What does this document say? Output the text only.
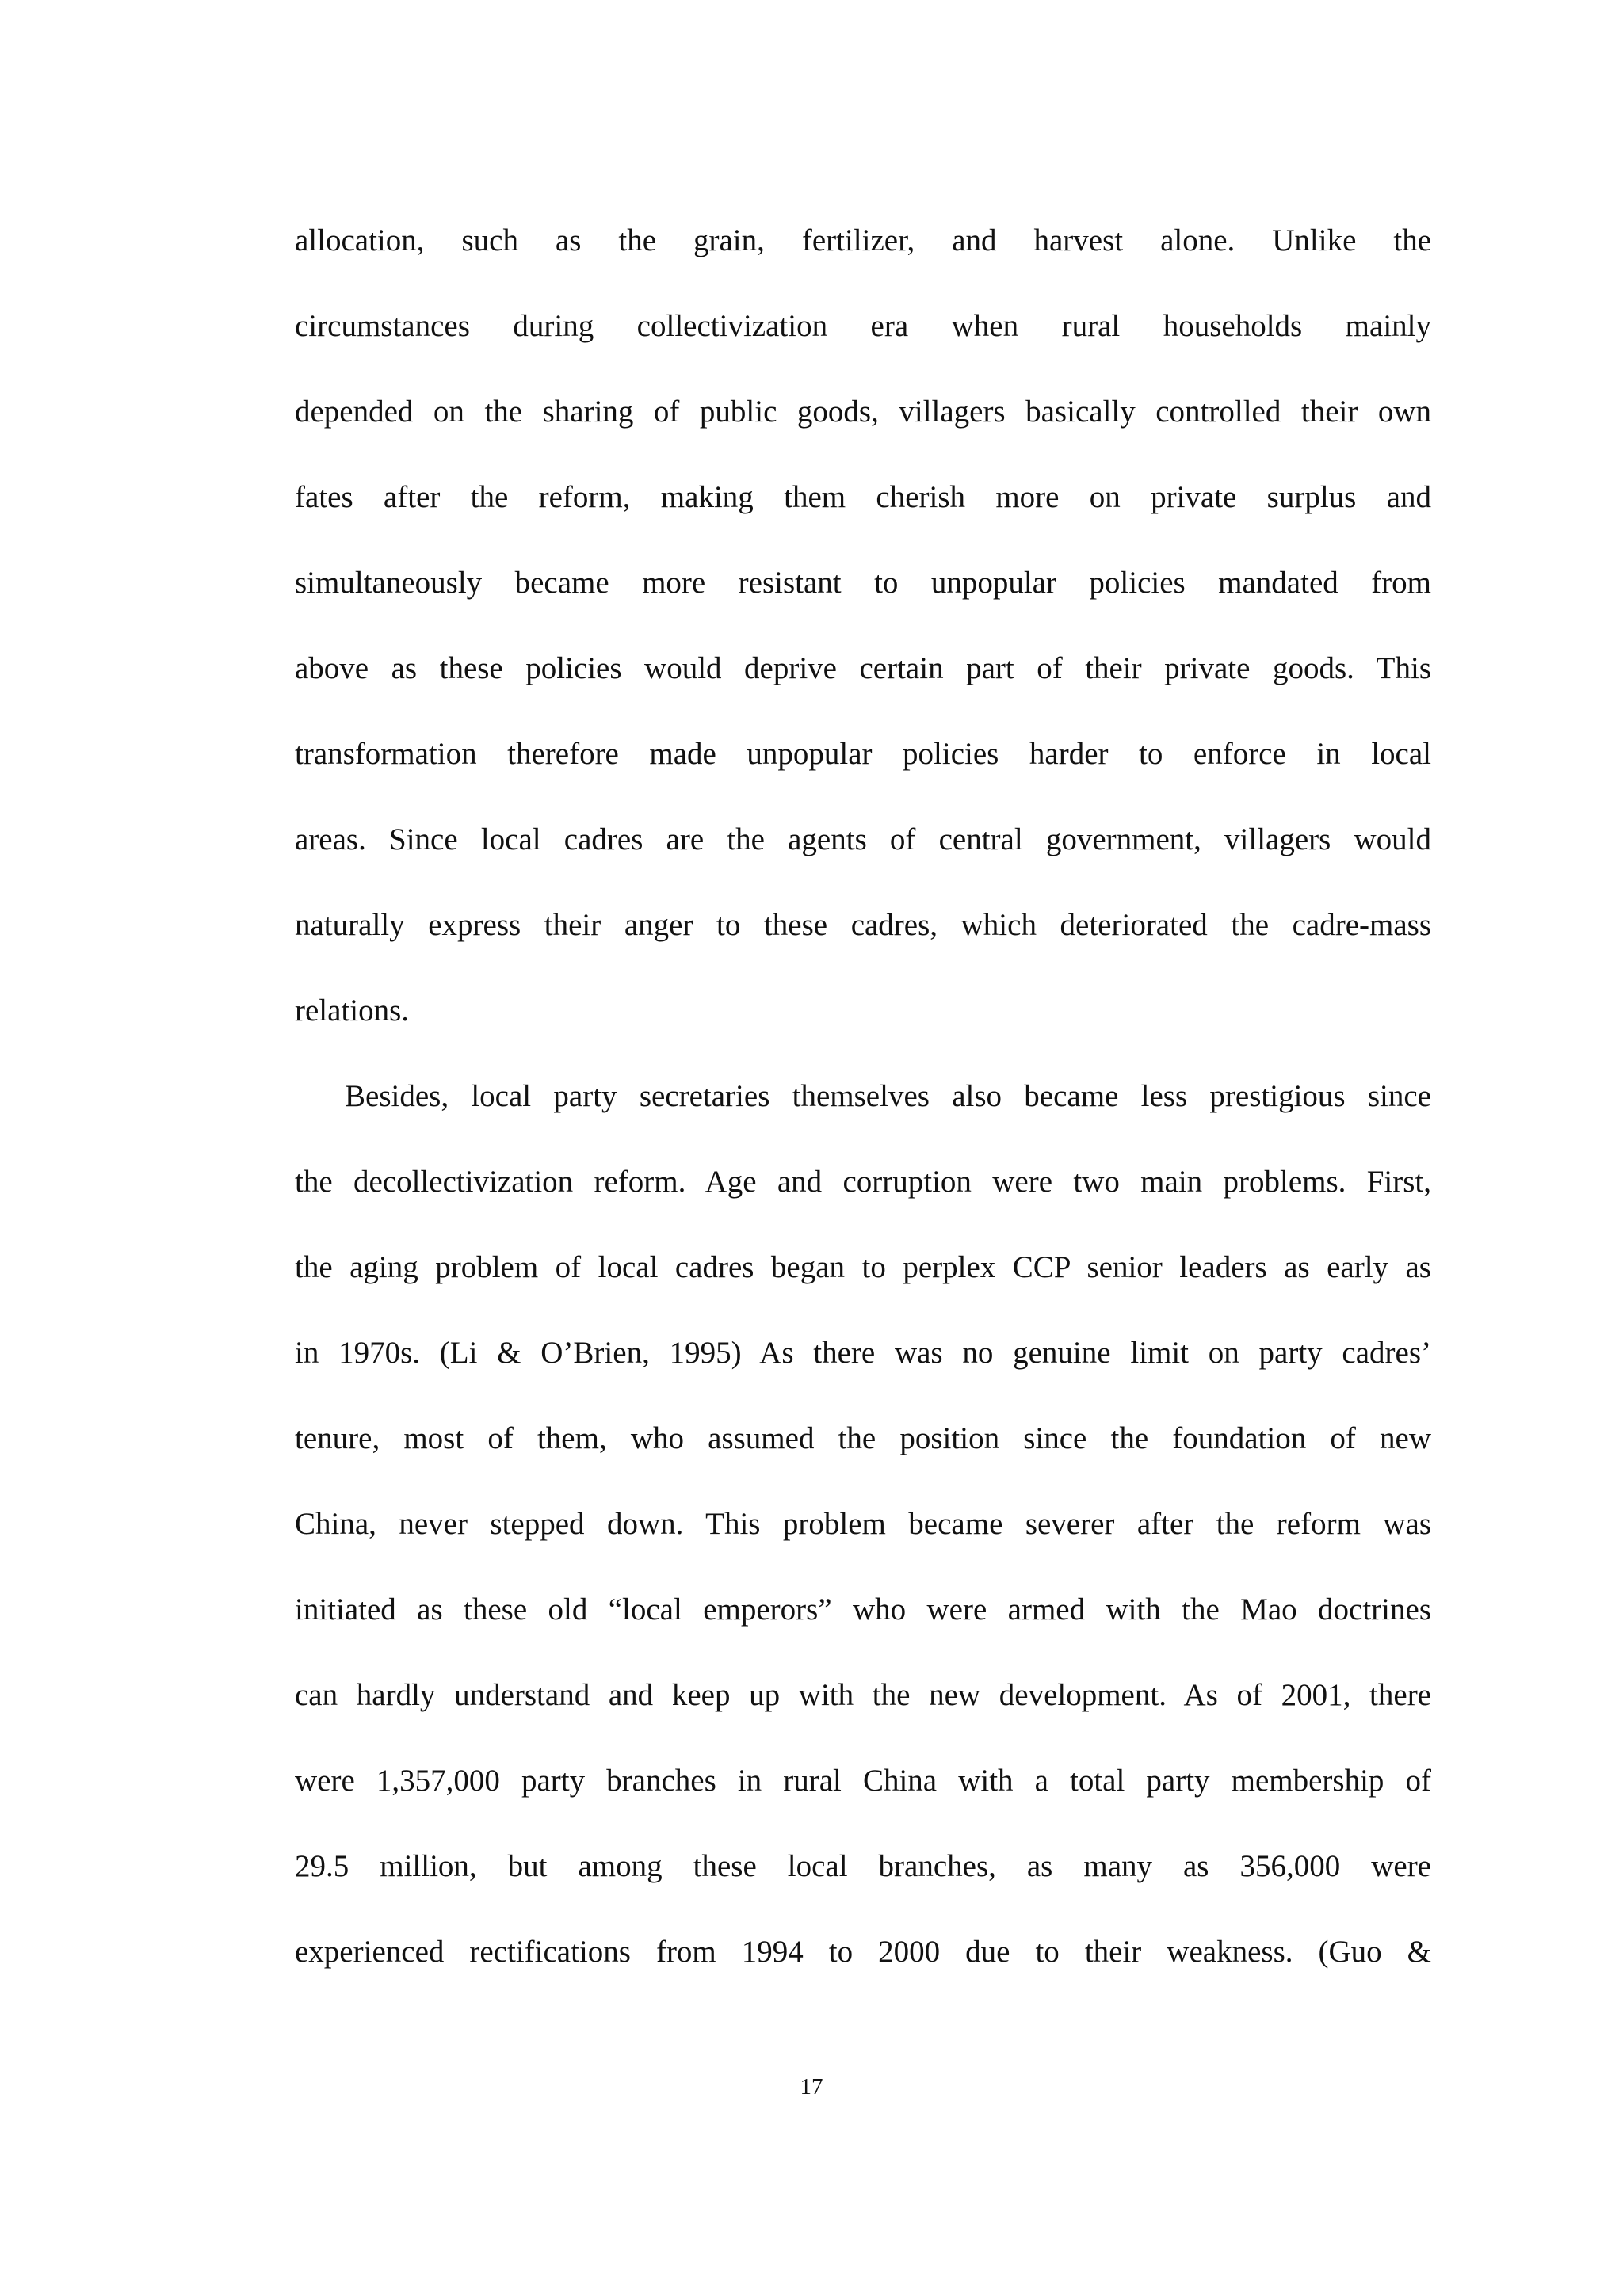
allocation, such as the grain, fertilizer, and harvest alone. Unlike the
circumstances during collectivization era when rural households mainly
depended on the sharing of public goods, villagers basically controlled their own
fates after the reform, making them cherish more on private surplus and
simultaneously became more resistant to unpopular policies mandated from
above as these policies would deprive certain part of their private goods. This
transformation therefore made unpopular policies harder to enforce in local
areas. Since local cadres are the agents of central government, villagers would
naturally express their anger to these cadres, which deteriorated the cadre-mass
relations.
Besides, local party secretaries themselves also became less prestigious since
the decollectivization reform. Age and corruption were two main problems. First,
the aging problem of local cadres began to perplex CCP senior leaders as early as
in 1970s. (Li & O’Brien, 1995) As there was no genuine limit on party cadres’
tenure, most of them, who assumed the position since the foundation of new
China, never stepped down. This problem became severer after the reform was
initiated as these old “local emperors” who were armed with the Mao doctrines
can hardly understand and keep up with the new development. As of 2001, there
were 1,357,000 party branches in rural China with a total party membership of
29.5 million, but among these local branches, as many as 356,000 were
experienced rectifications from 1994 to 2000 due to their weakness. (Guo &
17
